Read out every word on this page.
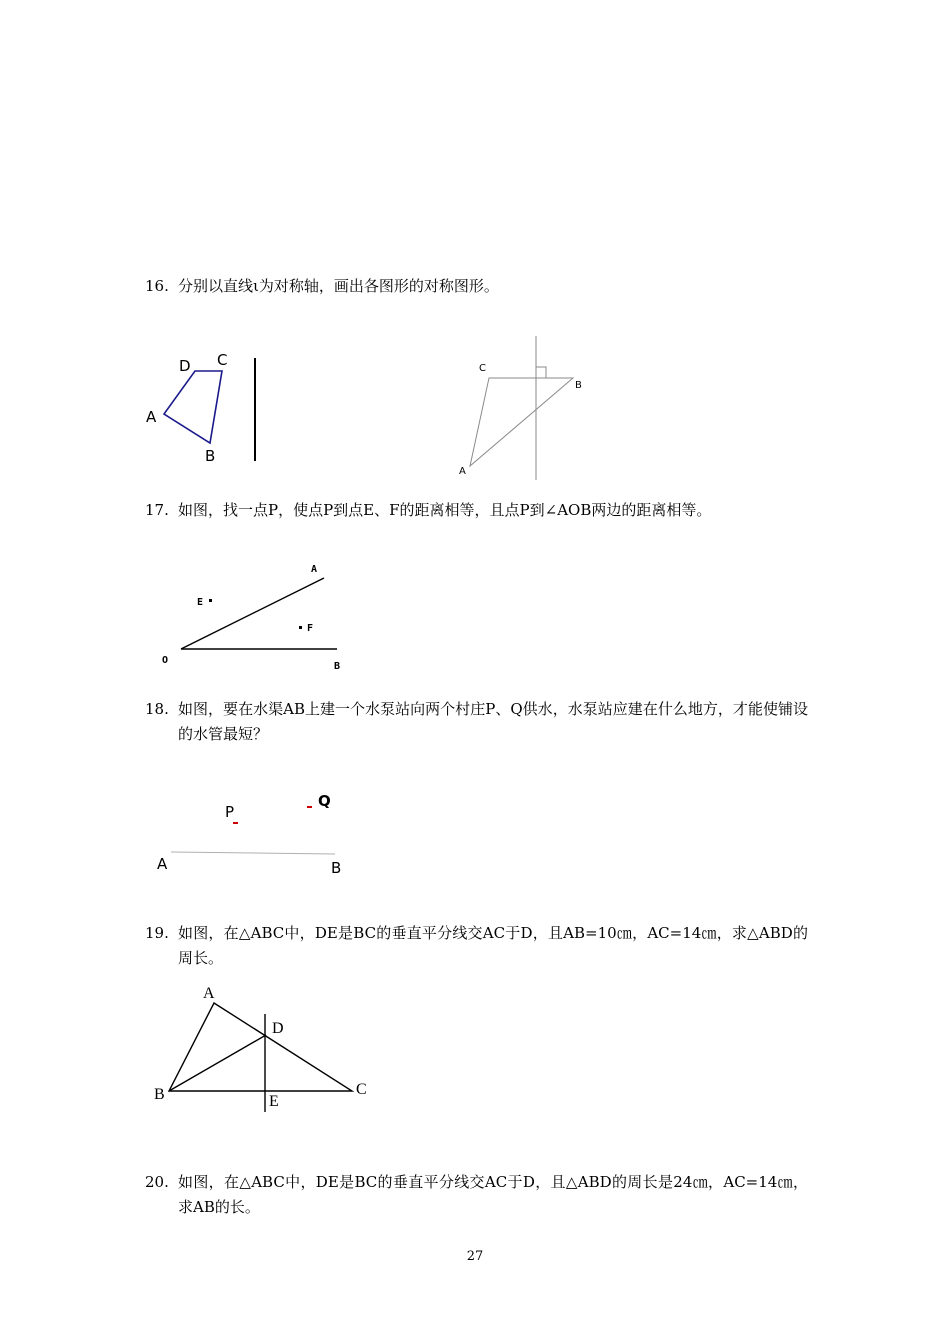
16. 分别以直线ι为对称轴，画出各图形的对称图形。
D C
A
B
C
B
A
A
E
F
O
B
P
Q
A	B
A
D
B	C
E
17. 如图，找一点P，使点P到点E、F的距离相等，且点P到∠AOB两边的距离相等。
18. 如图，要在水渠AB上建一个水泵站向两个村庄P、Q供水，水泵站应建在什么地方，才能使铺设的水管最短？
19. 如图，在△ABC中，DE是BC的垂直平分线交AC于D，且AB=10㎝，AC=14㎝，求△ABD的周长。
20. 如图，在△ABC中，DE是BC的垂直平分线交AC于D，且△ABD的周长是24㎝，AC=14㎝，求AB的长。
27
